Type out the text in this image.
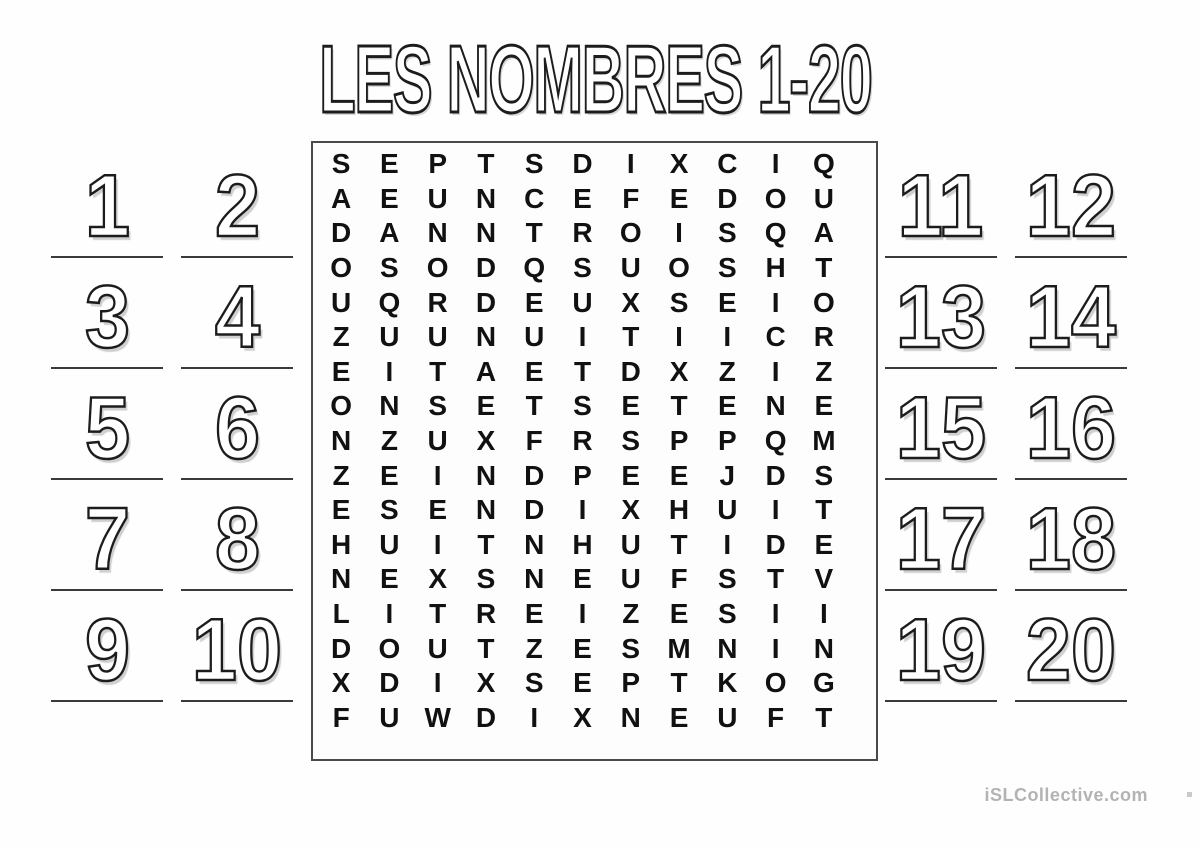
LES NOMBRES 1-20
1 2
3 4
5 6
7 8
9 10
S	E	P	T	S	D	I	X	C	I	Q
A	E	U	N	C	E	F	E	D O U
D	A	N	N	T	R O	I	S	Q A
O	S	O D Q	S	U O	S	H	T
U Q R	D	E	U	X	S	E	I	O
Z	U	U	N	U	I	T	I	I	C	R
E	I	T	A	E	T	D	X	Z	I	Z
O N	S	E	T	S	E	T	E	N	E
N	Z	U	X	F	R	S	P	P	Q M
Z	E	I	N	D	P	E	E	J	D	S
E	S	E	N	D	I	X	H	U	I	T
H	U	I	T	N	H	U	T	I	D	E
N	E	X	S	N	E	U	F	S	T	V
L	I	T	R	E	I	Z	E	S	I	I
D O U	T	Z	E	S M N	I	N
X	D	I	X	S	E	P	T	K O G
F	U W D	I	X	N	E	U	F	T
11 12
13 14
15 16
17 18
19 20
iSLCollective.com
